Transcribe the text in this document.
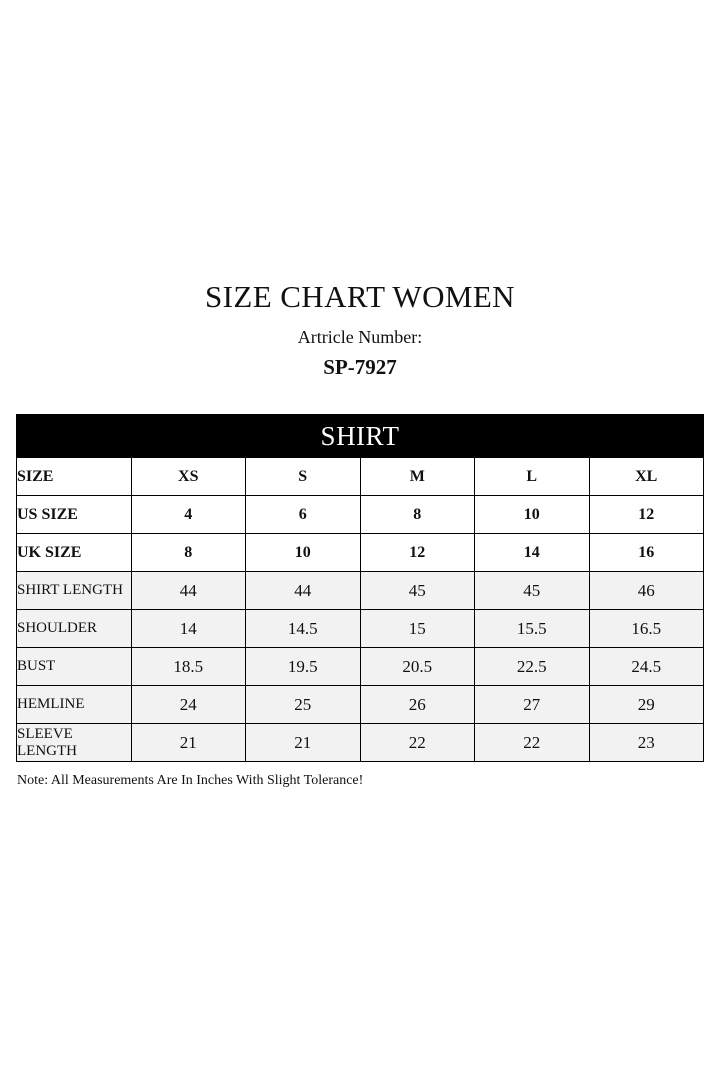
SIZE CHART WOMEN
Artricle Number:
SP-7927
SHIRT					
SIZE	XS	S	M	L	XL
US SIZE	4	6	8	10	12
UK SIZE	8	10	12	14	16
SHIRT LENGTH	44	44	45	45	46
SHOULDER	14	14.5	15	15.5	16.5
BUST	18.5	19.5	20.5	22.5	24.5
HEMLINE	24	25	26	27	29
SLEEVE LENGTH	21	21	22	22	23
Note: All Measurements Are In Inches With Slight Tolerance!
